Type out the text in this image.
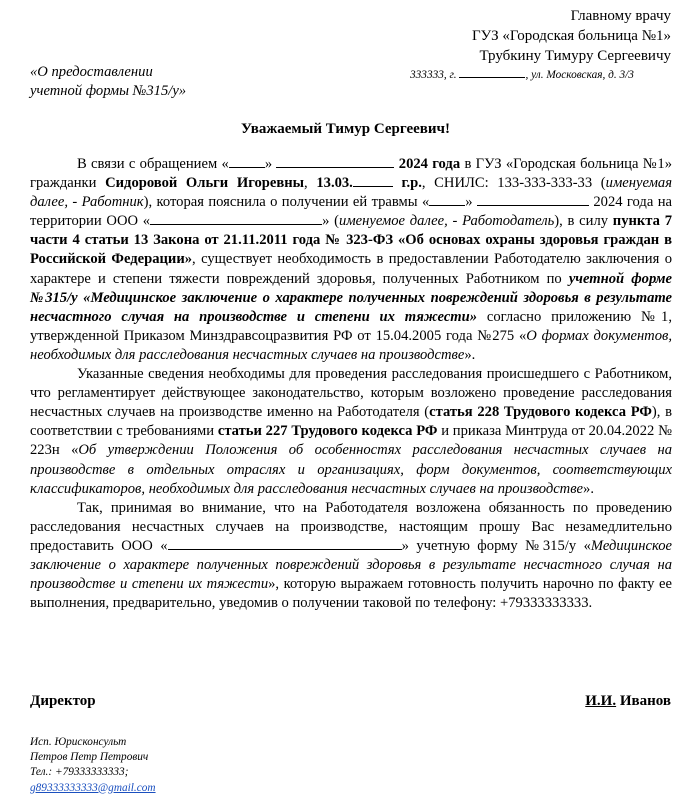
Главному врачу
ГУЗ «Городская больница №1»
Трубкину Тимуру Сергеевичу
«О предоставлении
учетной формы №315/у»
333333, г.	, ул. Московская, д. 3/3
Уважаемый Тимур Сергеевич!

В связи с обращением « »	2024 года в ГУЗ «Городская больница №1» гражданки Сидоровой Ольги Игоревны, 13.03.	г.р., СНИЛС: 133-333-333-33 (именуемая далее, - Работник), которая пояснила о получении ей травмы « »	2024 года на территории ООО «	» (именуемое далее, - Работодатель), в силу пункта 7 части 4 статьи 13 Закона от 21.11.2011 года № 323-ФЗ «Об основах охраны здоровья граждан в Российской Федерации», существует необходимость в предоставлении Работодателю заключения о характере и степени тяжести повреждений здоровья, полученных Работником по учетной форме №315/у «Медицинское заключение о характере полученных повреждений здоровья в результате несчастного случая на производстве и степени их тяжести» согласно приложению №1, утвержденной Приказом Минздравсоцразвития РФ от 15.04.2005 года №275 «О формах документов, необходимых для расследования несчастных случаев на производстве».

Указанные сведения необходимы для проведения расследования происшедшего с Работником, что регламентирует действующее законодательство, которым возложено проведение расследования несчастных случаев на производстве именно на Работодателя (статья 228 Трудового кодекса РФ), в соответствии с требованиями статьи 227 Трудового кодекса РФ и приказа Минтруда от 20.04.2022 № 223н «Об утверждении Положения об особенностях расследования несчастных случаев на производстве в отдельных отраслях и организациях, форм документов, соответствующих классификаторов, необходимых для расследования несчастных случаев на производстве».

Так, принимая во внимание, что на Работодателя возложена обязанность по проведению расследования несчастных случаев на производстве, настоящим прошу Вас незамедлительно предоставить ООО «	» учетную форму №315/у «Медицинское заключение о характере полученных повреждений здоровья в результате несчастного случая на производстве и степени их тяжести», которую выражаем готовность получить нарочно по факту ее выполнения, предварительно, уведомив о получении таковой по телефону: +79333333333.

Директор	И.И. Иванов
Исп. Юрисконсульт
Петров Петр Петрович
Тел.: +79333333333;
g89333333333@gmail.com
